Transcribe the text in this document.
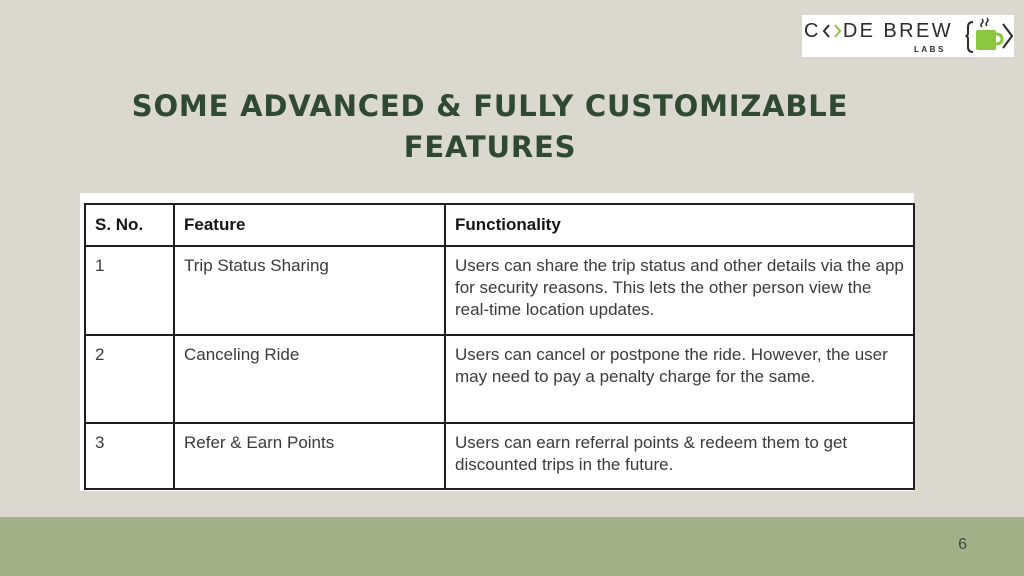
C DE BREW
LABS
SOME ADVANCED & FULLY CUSTOMIZABLE
FEATURES
S. No.	Feature	Functionality
1	Trip Status Sharing	Users can share the trip status and other details via the app for security reasons. This lets the other person view the real-time location updates.
2	Canceling Ride	Users can cancel or postpone the ride. However, the user may need to pay a penalty charge for the same.
3	Refer & Earn Points	Users can earn referral points & redeem them to get discounted trips in the future.
6
